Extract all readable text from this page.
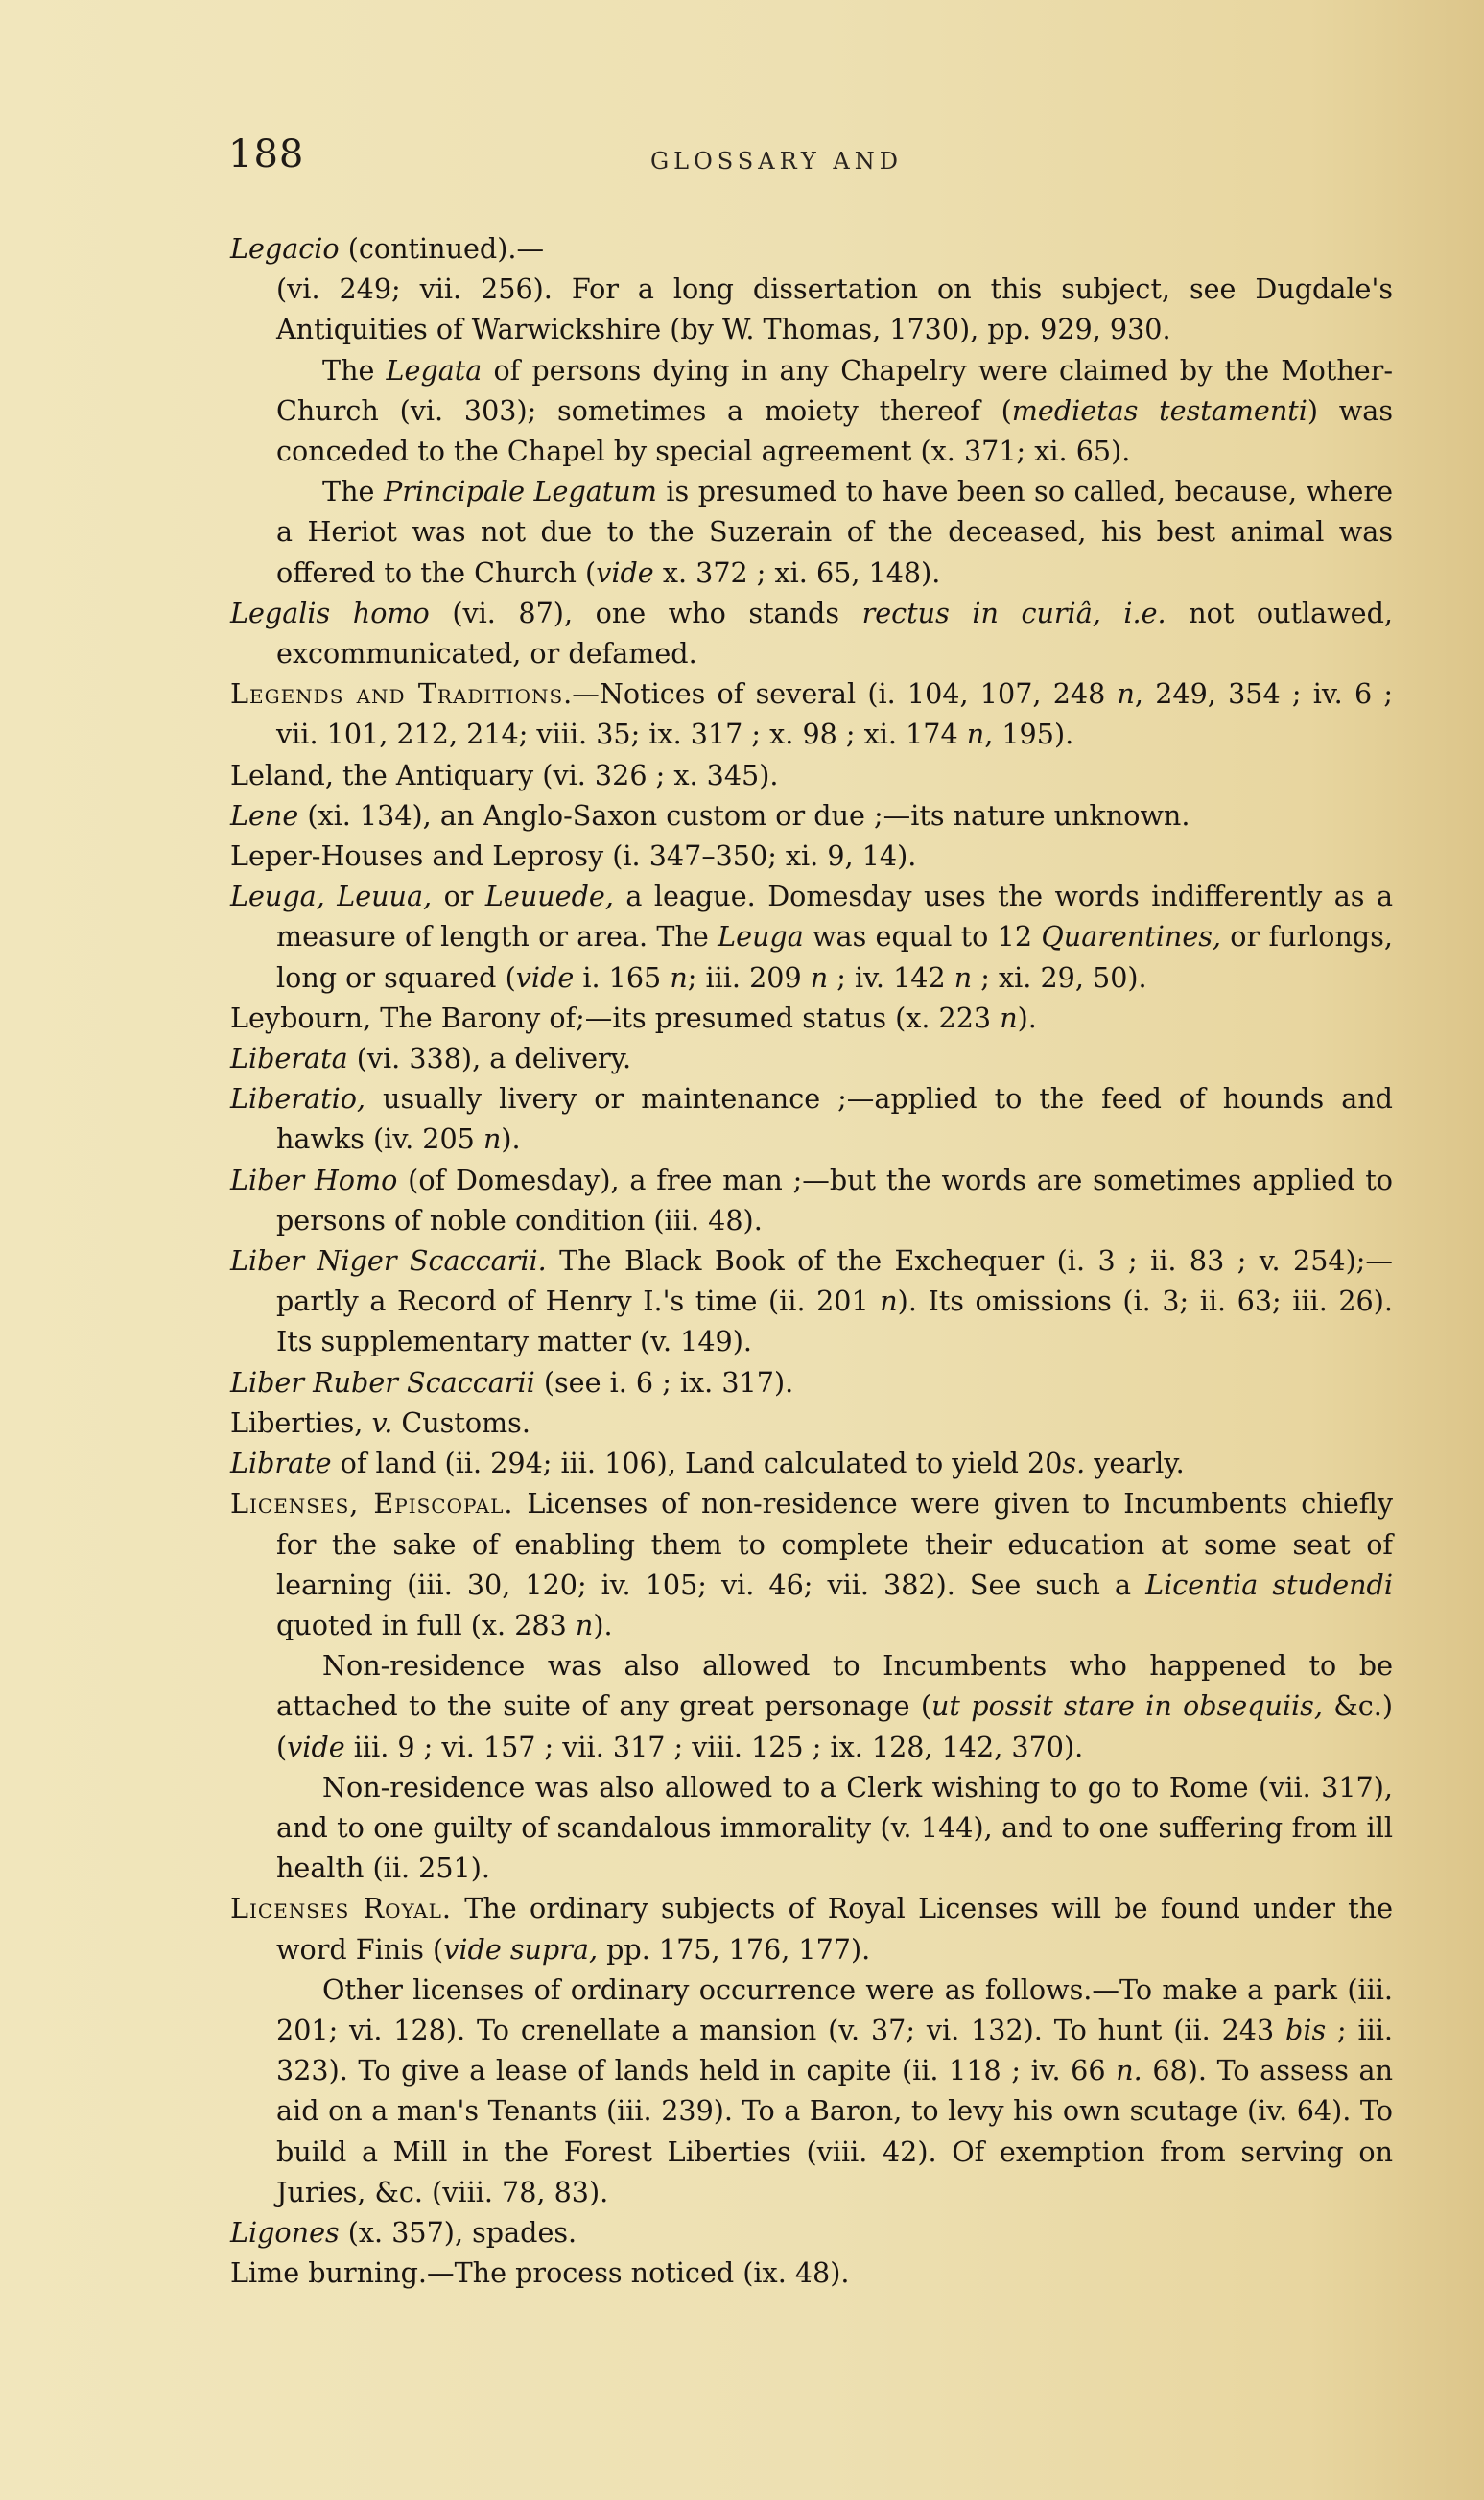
188	GLOSSARY AND

Legacio (continued).—

(vi. 249; vii. 256). For a long dissertation on this subject, see Dugdale's Antiquities of Warwickshire (by W. Thomas, 1730), pp. 929, 930.

The Legata of persons dying in any Chapelry were claimed by the Mother-Church (vi. 303); sometimes a moiety thereof (medietas testamenti) was conceded to the Chapel by special agreement (x. 371; xi. 65).

The Principale Legatum is presumed to have been so called, because, where a Heriot was not due to the Suzerain of the deceased, his best animal was offered to the Church (vide x. 372 ; xi. 65, 148).

Legalis homo (vi. 87), one who stands rectus in curiâ, i.e. not outlawed, excommunicated, or defamed.

Legends and Traditions.—Notices of several (i. 104, 107, 248 n, 249, 354 ; iv. 6 ; vii. 101, 212, 214; viii. 35; ix. 317 ; x. 98 ; xi. 174 n, 195).

Leland, the Antiquary (vi. 326 ; x. 345).

Lene (xi. 134), an Anglo-Saxon custom or due ;—its nature unknown.

Leper-Houses and Leprosy (i. 347–350; xi. 9, 14).

Leuga, Leuua, or Leuuede, a league. Domesday uses the words indifferently as a measure of length or area. The Leuga was equal to 12 Quarentines, or furlongs, long or squared (vide i. 165 n; iii. 209 n ; iv. 142 n ; xi. 29, 50).

Leybourn, The Barony of;—its presumed status (x. 223 n).

Liberata (vi. 338), a delivery.

Liberatio, usually livery or maintenance ;—applied to the feed of hounds and hawks (iv. 205 n).

Liber Homo (of Domesday), a free man ;—but the words are sometimes applied to persons of noble condition (iii. 48).

Liber Niger Scaccarii. The Black Book of the Exchequer (i. 3 ; ii. 83 ; v. 254);—partly a Record of Henry I.'s time (ii. 201 n). Its omissions (i. 3; ii. 63; iii. 26). Its supplementary matter (v. 149).

Liber Ruber Scaccarii (see i. 6 ; ix. 317).

Liberties, v. Customs.

Librate of land (ii. 294; iii. 106), Land calculated to yield 20s. yearly.

Licenses, Episcopal. Licenses of non-residence were given to Incumbents chiefly for the sake of enabling them to complete their education at some seat of learning (iii. 30, 120; iv. 105; vi. 46; vii. 382). See such a Licentia studendi quoted in full (x. 283 n).

Non-residence was also allowed to Incumbents who happened to be attached to the suite of any great personage (ut possit stare in obsequiis, &c.) (vide iii. 9 ; vi. 157 ; vii. 317 ; viii. 125 ; ix. 128, 142, 370).

Non-residence was also allowed to a Clerk wishing to go to Rome (vii. 317), and to one guilty of scandalous immorality (v. 144), and to one suffering from ill health (ii. 251).

Licenses Royal. The ordinary subjects of Royal Licenses will be found under the word Finis (vide supra, pp. 175, 176, 177).

Other licenses of ordinary occurrence were as follows.—To make a park (iii. 201; vi. 128). To crenellate a mansion (v. 37; vi. 132). To hunt (ii. 243 bis ; iii. 323). To give a lease of lands held in capite (ii. 118 ; iv. 66 n. 68). To assess an aid on a man's Tenants (iii. 239). To a Baron, to levy his own scutage (iv. 64). To build a Mill in the Forest Liberties (viii. 42). Of exemption from serving on Juries, &c. (viii. 78, 83).

Ligones (x. 357), spades.

Lime burning.—The process noticed (ix. 48).
